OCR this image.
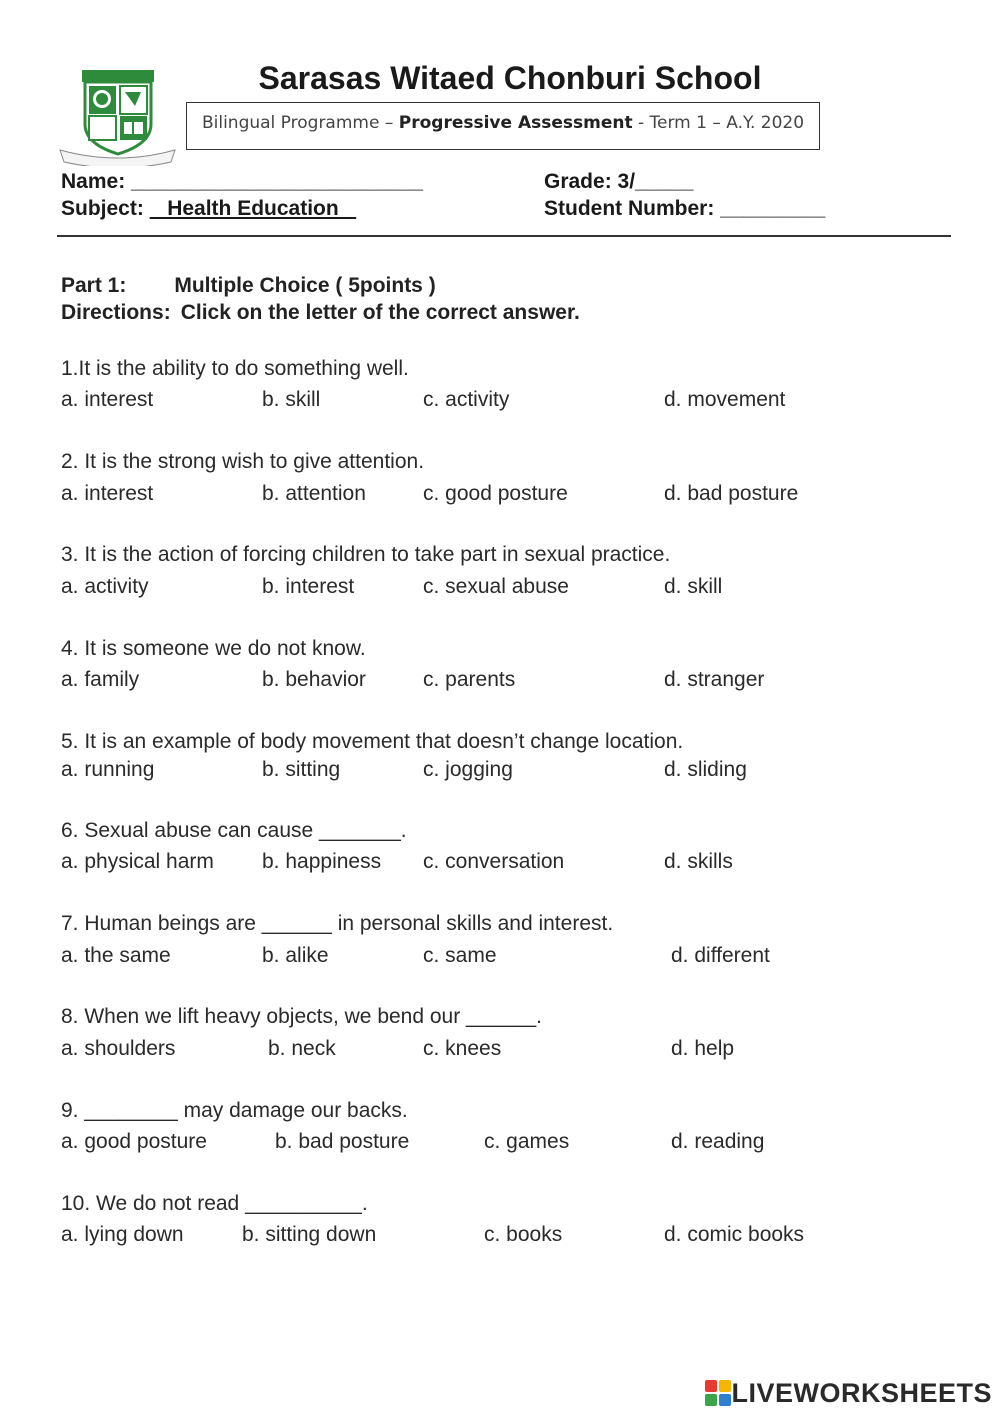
Sarasas Witaed Chonburi School
Bilingual Programme – Progressive Assessment - Term 1 – A.Y. 2020
Name: _________________________	Grade: 3/_____
Subject:    Health Education	Student Number: _________
Part 1: Multiple Choice ( 5points )
Directions: Click on the letter of the correct answer.
1.It is the ability to do something well.
a. interest	b. skill	c. activity	d. movement
2. It is the strong wish to give attention.
a. interest	b. attention	c. good posture	d. bad posture
3. It is the action of forcing children to take part in sexual practice.
a. activity	b. interest	c. sexual abuse	d. skill
4. It is someone we do not know.
a. family	b. behavior	c. parents	d. stranger
5. It is an example of body movement that doesn’t change location.
a. running	b. sitting	c. jogging	d. sliding
6. Sexual abuse can cause _______.
a. physical harm b. happiness c. conversation	d. skills
7. Human beings are ______ in personal skills and interest.
a. the same	b. alike	c. same	d. different
8. When we lift heavy objects, we bend our ______.
a. shoulders	b. neck	c. knees	d. help
9. ________ may damage our backs.
a. good posture	b. bad posture	c. games	d. reading
10. We do not read __________.
a. lying down	b. sitting down	c. books	d. comic books
LIVEWORKSHEETS
